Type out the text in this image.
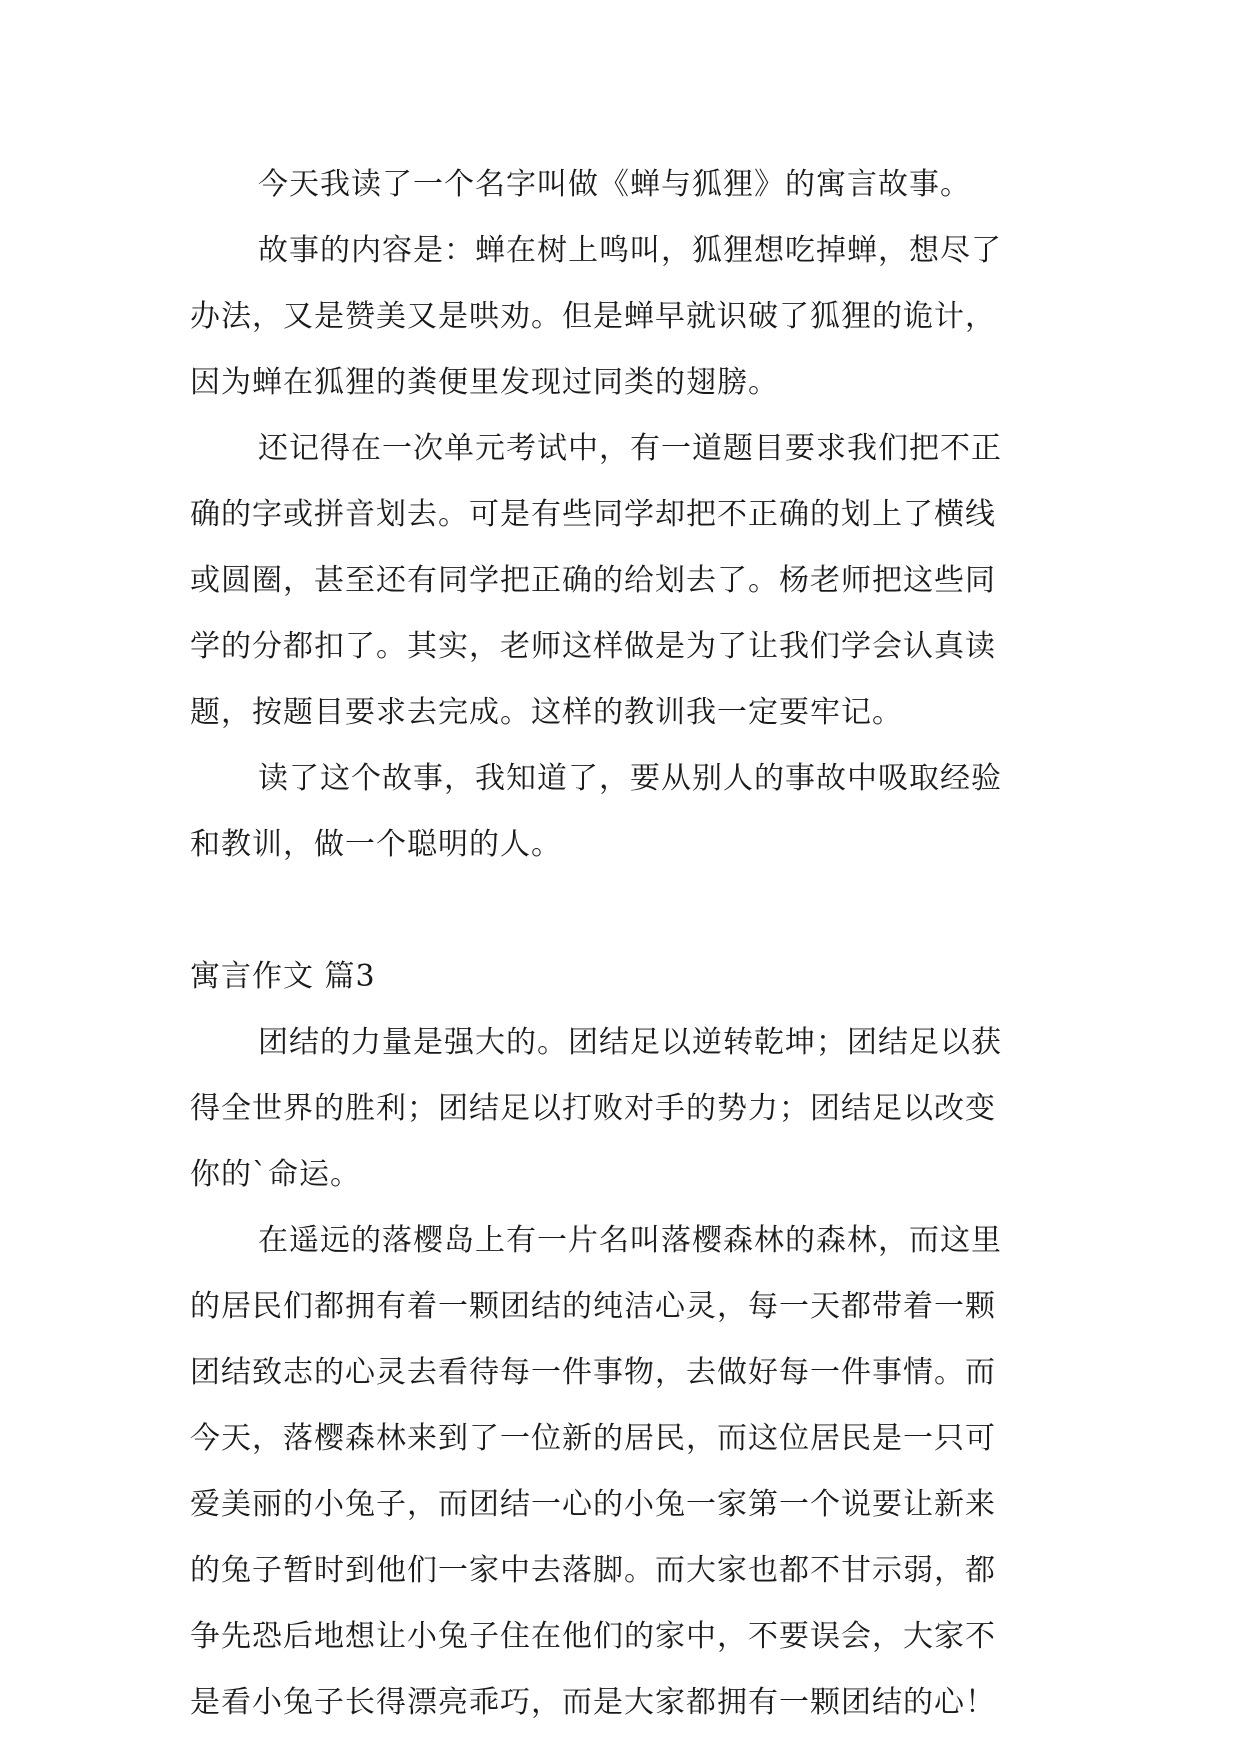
今天我读了一个名字叫做《蝉与狐狸》的寓言故事。
故事的内容是：蝉在树上鸣叫，狐狸想吃掉蝉，想尽了
办法，又是赞美又是哄劝。但是蝉早就识破了狐狸的诡计，
因为蝉在狐狸的粪便里发现过同类的翅膀。
还记得在一次单元考试中，有一道题目要求我们把不正
确的字或拼音划去。可是有些同学却把不正确的划上了横线
或圆圈，甚至还有同学把正确的给划去了。杨老师把这些同
学的分都扣了。其实，老师这样做是为了让我们学会认真读
题，按题目要求去完成。这样的教训我一定要牢记。
读了这个故事，我知道了，要从别人的事故中吸取经验
和教训，做一个聪明的人。
寓言作文 篇3
团结的力量是强大的。团结足以逆转乾坤；团结足以获
得全世界的胜利；团结足以打败对手的势力；团结足以改变
你的`命运。
在遥远的落樱岛上有一片名叫落樱森林的森林，而这里
的居民们都拥有着一颗团结的纯洁心灵，每一天都带着一颗
团结致志的心灵去看待每一件事物，去做好每一件事情。而
今天，落樱森林来到了一位新的居民，而这位居民是一只可
爱美丽的小兔子，而团结一心的小兔一家第一个说要让新来
的兔子暂时到他们一家中去落脚。而大家也都不甘示弱，都
争先恐后地想让小兔子住在他们的家中，不要误会，大家不
是看小兔子长得漂亮乖巧，而是大家都拥有一颗团结的心！
